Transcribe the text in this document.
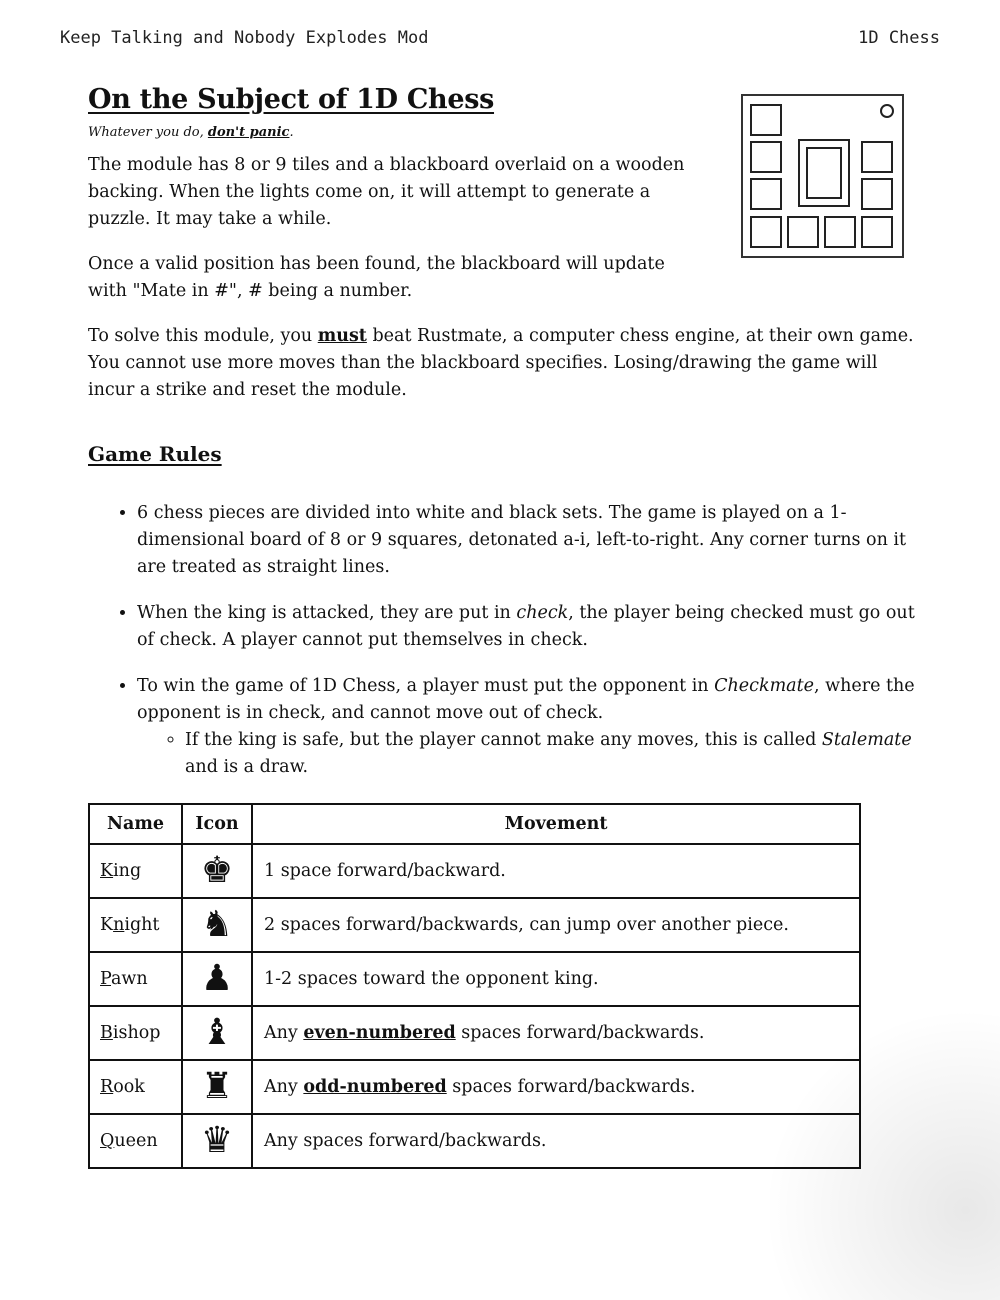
Keep Talking and Nobody Explodes Mod	1D Chess
On the Subject of 1D Chess

Whatever you do, don't panic.

The module has 8 or 9 tiles and a blackboard overlaid on a wooden backing. When the lights come on, it will attempt to generate a puzzle. It may take a while.

Once a valid position has been found, the blackboard will update with "Mate in #", # being a number.

To solve this module, you must beat Rustmate, a computer chess engine, at their own game. You cannot use more moves than the blackboard specifies. Losing/drawing the game will incur a strike and reset the module.

Game Rules
• 6 chess pieces are divided into white and black sets. The game is played on a 1-dimensional board of 8 or 9 squares, detonated a-i, left-to-right. Any corner turns on it are treated as straight lines.
• When the king is attacked, they are put in check, the player being checked must go out of check. A player cannot put themselves in check.
• To win the game of 1D Chess, a player must put the opponent in Checkmate, where the opponent is in check, and cannot move out of check.
◦ If the king is safe, but the player cannot make any moves, this is called Stalemate and is a draw.
Name	Icon	Movement
King	♚	1 space forward/backward.
Knight	♞	2 spaces forward/backwards, can jump over another piece.
Pawn	♟	1-2 spaces toward the opponent king.
Bishop	♝	Any even-numbered spaces forward/backwards.
Rook	♜	Any odd-numbered spaces forward/backwards.
Queen	♛	Any spaces forward/backwards.
